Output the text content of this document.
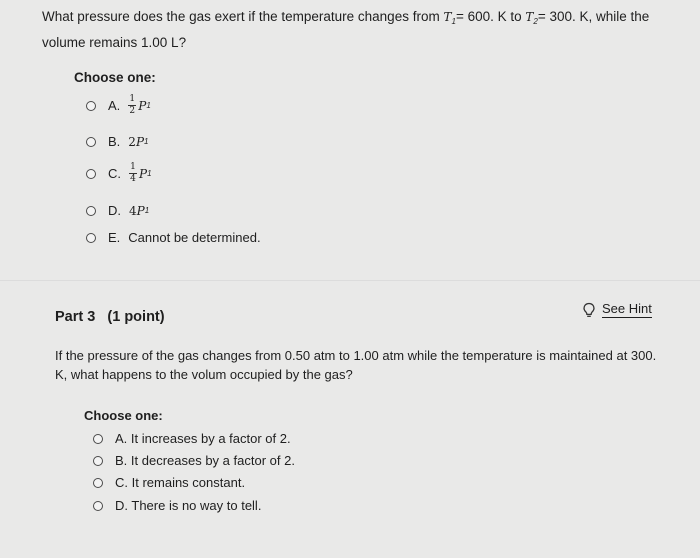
What pressure does the gas exert if the temperature changes from $T_1= 600$. K to $T_2= 300$. K, while the volume remains 1.00 L?
Choose one:
A. $\frac{1}{2}$ P 1
B. 2 P 1
C. $\frac{1}{4}$ P 1
D. 4 P 1
E. Cannot be determined.
Part 3 (1 point)
See Hint
If the pressure of the gas changes from 0.50 atm to 1.00 atm while the temperature is maintained at 300. K, what happens to the volum occupied by the gas?
Choose one:
A. It increases by a factor of 2.
B. It decreases by a factor of 2.
C. It remains constant.
D. There is no way to tell.
